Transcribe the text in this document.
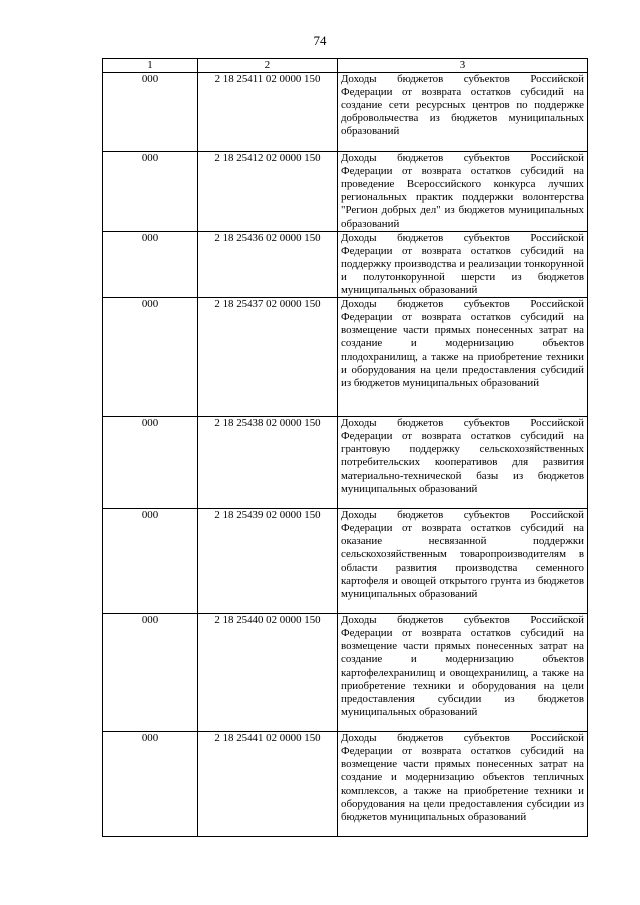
74
1	2	3
000	2 18 25411 02 0000 150	Доходы бюджетов субъектов Российской Федерации от возврата остатков субсидий на создание сети ресурсных центров по поддержке добровольчества из бюджетов муниципальных образований
000	2 18 25412 02 0000 150	Доходы бюджетов субъектов Российской Федерации от возврата остатков субсидий на проведение Всероссийского конкурса лучших региональных практик поддержки волонтерства "Регион добрых дел" из бюджетов муниципальных образований
000	2 18 25436 02 0000 150	Доходы бюджетов субъектов Российской Федерации от возврата остатков субсидий на поддержку производства и реализации тонкорунной и полутонкорунной шерсти из бюджетов муниципальных образований
000	2 18 25437 02 0000 150	Доходы бюджетов субъектов Российской Федерации от возврата остатков субсидий на возмещение части прямых понесенных затрат на создание и модернизацию объектов плодохранилищ, а также на приобретение техники и оборудования на цели предоставления субсидий из бюджетов муниципальных образований
000	2 18 25438 02 0000 150	Доходы бюджетов субъектов Российской Федерации от возврата остатков субсидий на грантовую поддержку сельскохозяйственных потребительских кооперативов для развития материально-технической базы из бюджетов муниципальных образований
000	2 18 25439 02 0000 150	Доходы бюджетов субъектов Российской Федерации от возврата остатков субсидий на оказание несвязанной поддержки сельскохозяйственным товаропроизводителям в области развития производства семенного картофеля и овощей открытого грунта из бюджетов муниципальных образований
000	2 18 25440 02 0000 150	Доходы бюджетов субъектов Российской Федерации от возврата остатков субсидий на возмещение части прямых понесенных затрат на создание и модернизацию объектов картофелехранилищ и овощехранилищ, а также на приобретение техники и оборудования на цели предоставления субсидии из бюджетов муниципальных образований
000	2 18 25441 02 0000 150	Доходы бюджетов субъектов Российской Федерации от возврата остатков субсидий на возмещение части прямых понесенных затрат на создание и модернизацию объектов тепличных комплексов, а также на приобретение техники и оборудования на цели предоставления субсидии из бюджетов муниципальных образований
